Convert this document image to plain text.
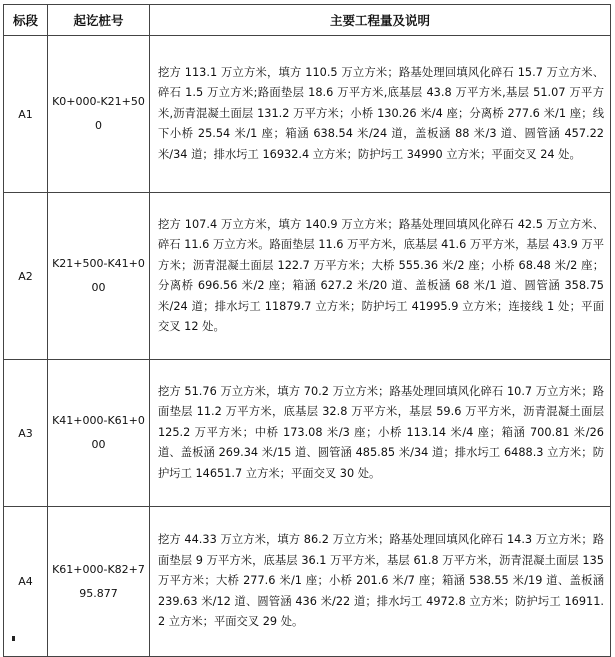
标段	起讫桩号	主要工程量及说明
A1	K0+000-K21+500	挖方 113.1 万立方米，填方 110.5 万立方米；路基处理回填风化碎石 15.7 万立方米、碎石 1.5 万立方米;路面垫层 18.6 万平方米,底基层 43.8 万平方米,基层 51.07 万平方米,沥青混凝土面层 131.2 万平方米；小桥 130.26 米/4 座；分离桥 277.6 米/1 座；线下小桥 25.54 米/1 座；箱涵 638.54 米/24 道，盖板涵 88 米/3 道、圆管涵 457.22 米/34 道；排水圬工 16932.4 立方米；防护圬工 34990 立方米；平面交叉 24 处。
A2	K21+500-K41+000	挖方 107.4 万立方米，填方 140.9 万立方米；路基处理回填风化碎石 42.5 万立方米、碎石 11.6 万立方米。路面垫层 11.6 万平方米，底基层 41.6 万平方米，基层 43.9 万平方米；沥青混凝土面层 122.7 万平方米；大桥 555.36 米/2 座；小桥 68.48 米/2 座；分离桥 696.56 米/2 座；箱涵 627.2 米/20 道、盖板涵 68 米/1 道、圆管涵 358.75 米/24 道；排水圬工 11879.7 立方米；防护圬工 41995.9 立方米；连接线 1 处；平面交叉 12 处。
A3	K41+000-K61+000	挖方 51.76 万立方米，填方 70.2 万立方米；路基处理回填风化碎石 10.7 万立方米；路面垫层 11.2 万平方米，底基层 32.8 万平方米，基层 59.6 万平方米，沥青混凝土面层 125.2 万平方米；中桥 173.08 米/3 座；小桥 113.14 米/4 座；箱涵 700.81 米/26 道、盖板涵 269.34 米/15 道、圆管涵 485.85 米/34 道；排水圬工 6488.3 立方米；防护圬工 14651.7 立方米；平面交叉 30 处。
A4	K61+000-K82+795.877	挖方 44.33 万立方米，填方 86.2 万立方米；路基处理回填风化碎石 14.3 万立方米；路面垫层 9 万平方米，底基层 36.1 万平方米，基层 61.8 万平方米，沥青混凝土面层 135 万平方米；大桥 277.6 米/1 座；小桥 201.6 米/7 座；箱涵 538.55 米/19 道、盖板涵 239.63 米/12 道、圆管涵 436 米/22 道；排水圬工 4972.8 立方米；防护圬工 16911.2 立方米；平面交叉 29 处。
